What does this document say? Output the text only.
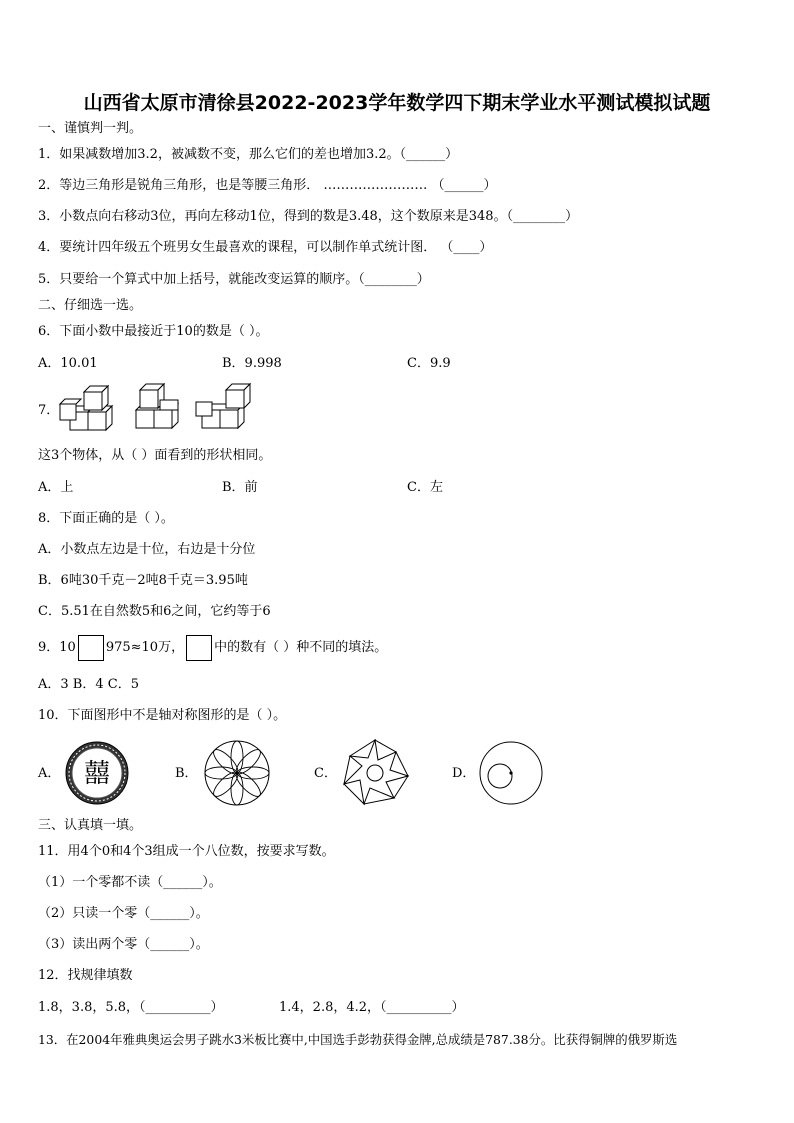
山西省太原市清徐县2022-2023学年数学四下期末学业水平测试模拟试题
一、谨慎判一判。
1．如果减数增加3.2，被减数不变，那么它们的差也增加3.2。（______）
2．等边三角形是锐角三角形，也是等腰三角形． …………………… （______）
3．小数点向右移动3位，再向左移动1位，得到的数是3.48，这个数原来是348。（________）
4．要统计四年级五个班男女生最喜欢的课程，可以制作单式统计图． （____）
5．只要给一个算式中加上括号，就能改变运算的顺序。（________）
二、仔细选一选。
6．下面小数中最接近于10的数是（ ）。
A．10.01	B．9.998	C．9.9
7．
这3个物体，从（ ）面看到的形状相同。
A．上	B．前	C．左
8．下面正确的是（ ）。
A．小数点左边是十位，右边是十分位
B．6吨30千克－2吨8千克＝3.95吨
C．5.51在自然数5和6之间，它约等于6
9．10 975≈10万， 中的数有（ ）种不同的填法。
A．3 B．4 C．5
10．下面图形中不是轴对称图形的是（ ）。
A． 囍	B．	C．	D．
三、认真填一填。
11．用4个0和4个3组成一个八位数，按要求写数。
（1）一个零都不读（______）。
（2）只读一个零（______）。
（3）读出两个零（______）。
12．找规律填数
1.8，3.8，5.8，（__________）	1.4，2.8，4.2，（__________）
13．在2004年雅典奥运会男子跳水3米板比赛中,中国选手彭勃获得金牌,总成绩是787.38分。比获得铜牌的俄罗斯选
